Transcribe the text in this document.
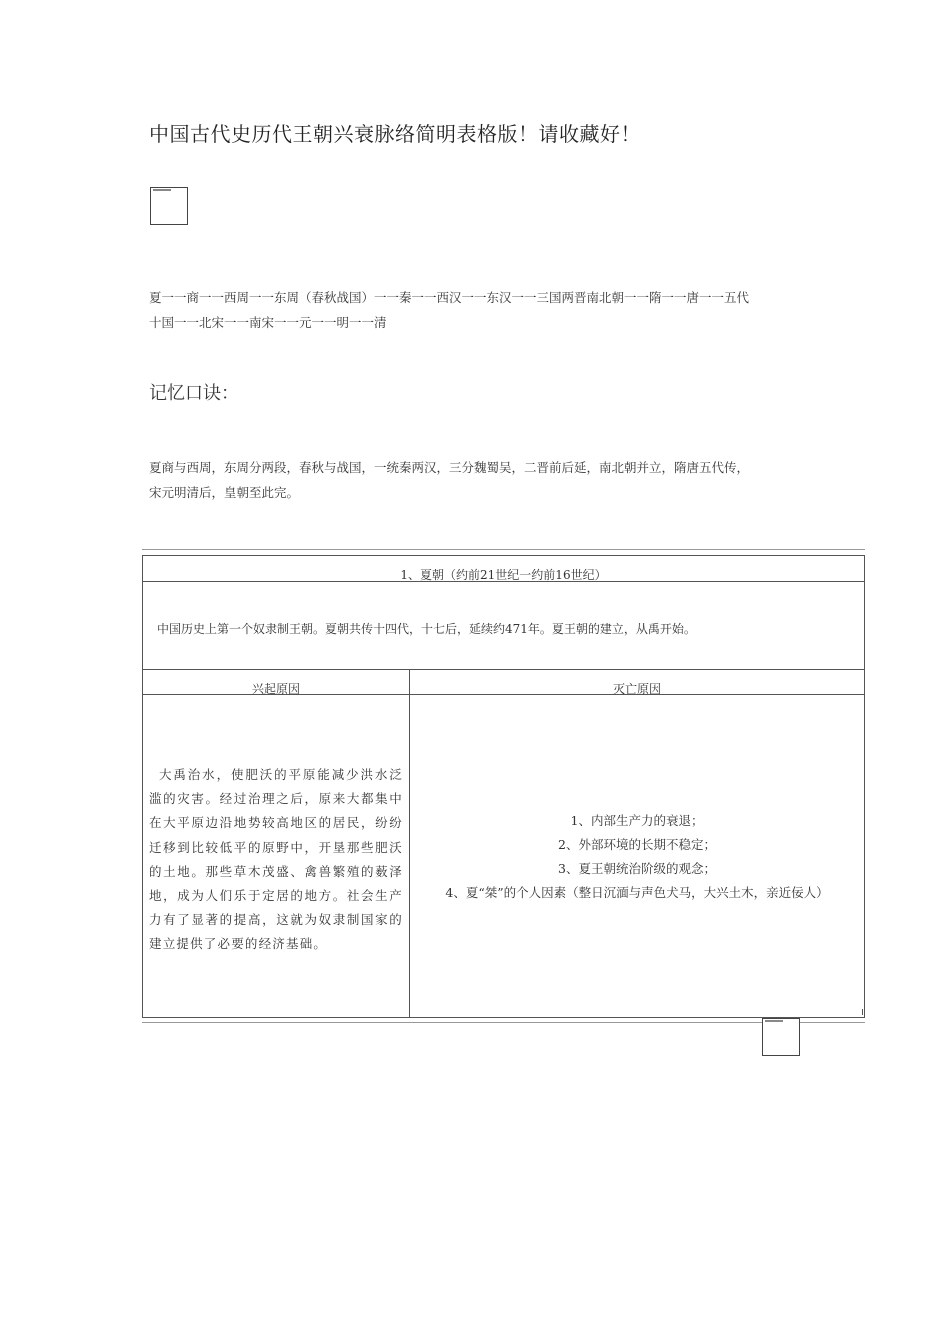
中国古代史历代王朝兴衰脉络简明表格版！请收藏好！
夏一一商一一西周一一东周（春秋战国）一一秦一一西汉一一东汉一一三国两晋南北朝一一隋一一唐一一五代
十国一一北宋一一南宋一一元一一明一一清
记忆口诀：
夏商与西周，东周分两段，春秋与战国，一统秦两汉，三分魏蜀吴，二晋前后延，南北朝并立，隋唐五代传，
宋元明清后，皇朝至此完。
1、夏朝（约前21世纪一约前16世纪）
中国历史上第一个奴隶制王朝。夏朝共传十四代，十七后，延续约471年。夏王朝的建立，从禹开始。
兴起原因	灭亡原因
大禹治水，使肥沃的平原能减少洪水泛滥的灾害。经过治理之后，原来大都集中在大平原边沿地势较高地区的居民，纷纷迁移到比较低平的原野中，开垦那些肥沃的土地。那些草木茂盛、禽兽繁殖的薮泽地，成为人们乐于定居的地方。社会生产力有了显著的提高，这就为奴隶制国家的建立提供了必要的经济基础。
1、内部生产力的衰退；
2、外部环境的长期不稳定；
3、夏王朝统治阶级的观念；
4、夏“桀”的个人因素（整日沉湎与声色犬马，大兴土木，亲近佞人）
